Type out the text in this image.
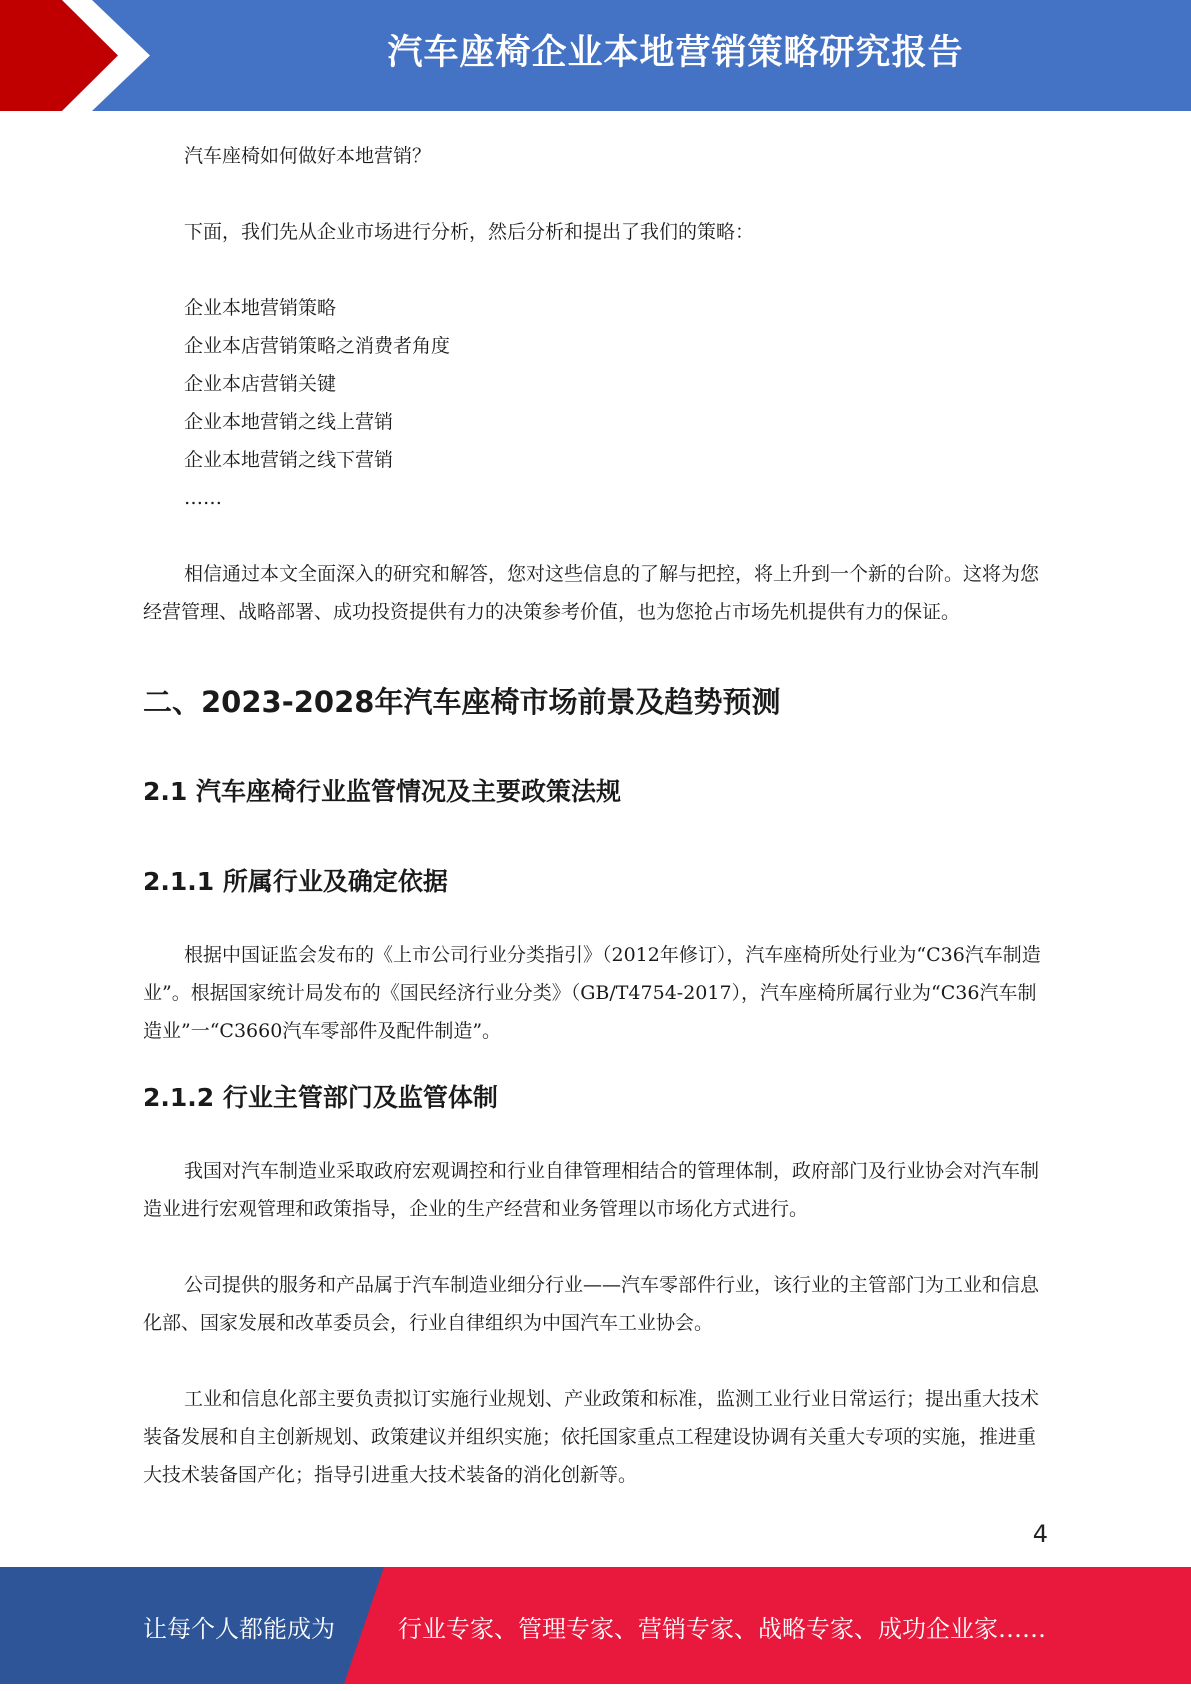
汽车座椅企业本地营销策略研究报告

汽车座椅如何做好本地营销？

下面，我们先从企业市场进行分析，然后分析和提出了我们的策略：

企业本地营销策略
企业本店营销策略之消费者角度
企业本店营销关键
企业本地营销之线上营销
企业本地营销之线下营销
……

相信通过本文全面深入的研究和解答，您对这些信息的了解与把控，将上升到一个新的台阶。这将为您经营管理、战略部署、成功投资提供有力的决策参考价值，也为您抢占市场先机提供有力的保证。

二、2023-2028年汽车座椅市场前景及趋势预测
2.1 汽车座椅行业监管情况及主要政策法规
2.1.1 所属行业及确定依据

根据中国证监会发布的《上市公司行业分类指引》（2012年修订），汽车座椅所处行业为“C36汽车制造业”。根据国家统计局发布的《国民经济行业分类》（GB/T4754-2017），汽车座椅所属行业为“C36汽车制造业”一“C3660汽车零部件及配件制造”。

2.1.2 行业主管部门及监管体制

我国对汽车制造业采取政府宏观调控和行业自律管理相结合的管理体制，政府部门及行业协会对汽车制造业进行宏观管理和政策指导，企业的生产经营和业务管理以市场化方式进行。

公司提供的服务和产品属于汽车制造业细分行业——汽车零部件行业，该行业的主管部门为工业和信息化部、国家发展和改革委员会，行业自律组织为中国汽车工业协会。

工业和信息化部主要负责拟订实施行业规划、产业政策和标准，监测工业行业日常运行；提出重大技术装备发展和自主创新规划、政策建议并组织实施；依托国家重点工程建设协调有关重大专项的实施，推进重大技术装备国产化；指导引进重大技术装备的消化创新等。

4
让每个人都能成为	行业专家、管理专家、营销专家、战略专家、成功企业家……
